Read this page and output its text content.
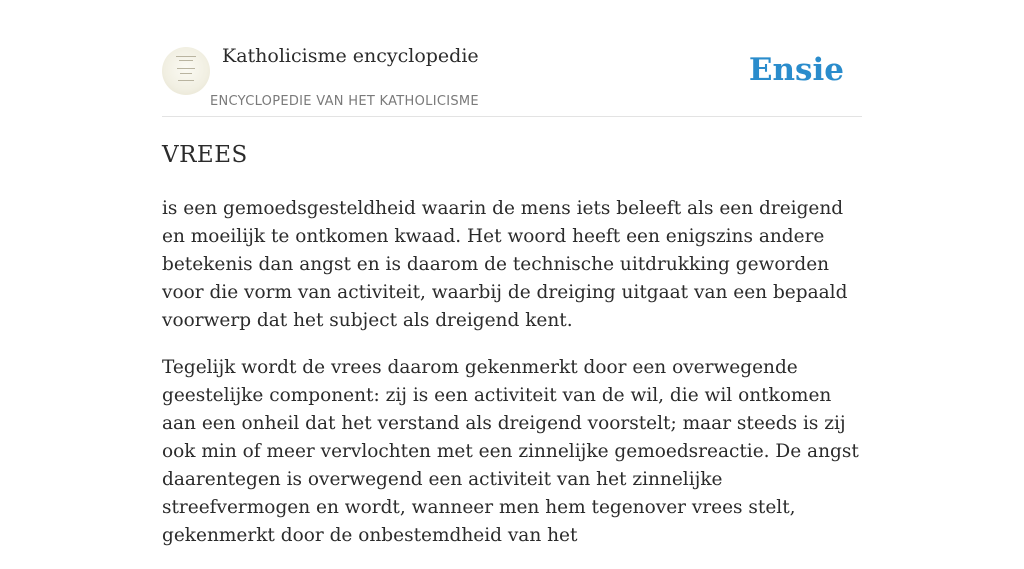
Katholicisme encyclopedie
ENCYCLOPEDIE VAN HET KATHOLICISME
Ensie
VREES

is een gemoedsgesteldheid waarin de mens iets beleeft als een dreigend en moeilijk te ontkomen kwaad. Het woord heeft een enigszins andere betekenis dan angst en is daarom de technische uitdrukking geworden voor die vorm van activiteit, waarbij de dreiging uitgaat van een bepaald voorwerp dat het subject als dreigend kent.

Tegelijk wordt de vrees daarom gekenmerkt door een overwegende geestelijke component: zij is een activiteit van de wil, die wil ontkomen aan een onheil dat het verstand als dreigend voorstelt; maar steeds is zij ook min of meer vervlochten met een zinnelijke gemoedsreactie. De angst daarentegen is overwegend een activiteit van het zinnelijke streefvermogen en wordt, wanneer men hem tegenover vrees stelt, gekenmerkt door de onbestemdheid van het
